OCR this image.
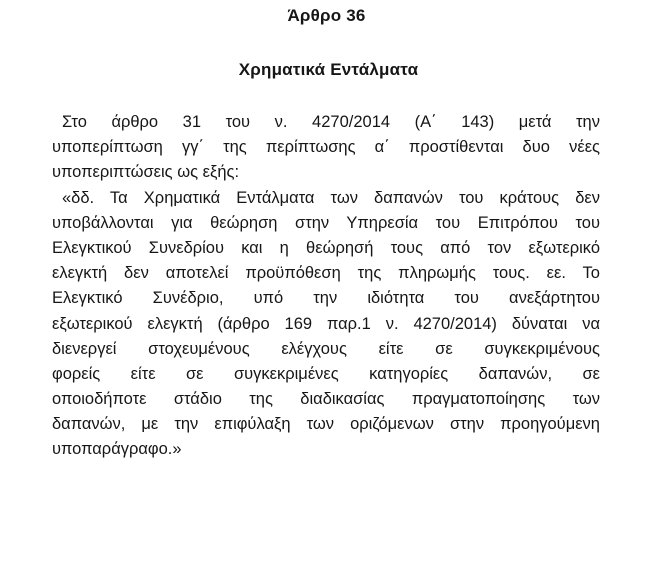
Άρθρο 36
Χρηματικά Εντάλματα
Στο άρθρο 31 του ν. 4270/2014 (Α΄ 143) μετά την
υποπερίπτωση γγ΄ της περίπτωσης α΄ προστίθενται δυο νέες
υποπεριπτώσεις ως εξής:
«δδ. Τα Χρηματικά Εντάλματα των δαπανών του κράτους δεν
υποβάλλονται για θεώρηση στην Υπηρεσία του Επιτρόπου του
Ελεγκτικού Συνεδρίου και η θεώρησή τους από τον εξωτερικό
ελεγκτή δεν αποτελεί προϋπόθεση της πληρωμής τους. εε. Το
Ελεγκτικό Συνέδριο, υπό την ιδιότητα του ανεξάρτητου
εξωτερικού ελεγκτή (άρθρο 169 παρ.1 ν. 4270/2014) δύναται να
διενεργεί στοχευμένους ελέγχους είτε σε συγκεκριμένους
φορείς είτε σε συγκεκριμένες κατηγορίες δαπανών, σε
οποιοδήποτε στάδιο της διαδικασίας πραγματοποίησης των
δαπανών, με την επιφύλαξη των οριζόμενων στην προηγούμενη
υποπαράγραφο.»
